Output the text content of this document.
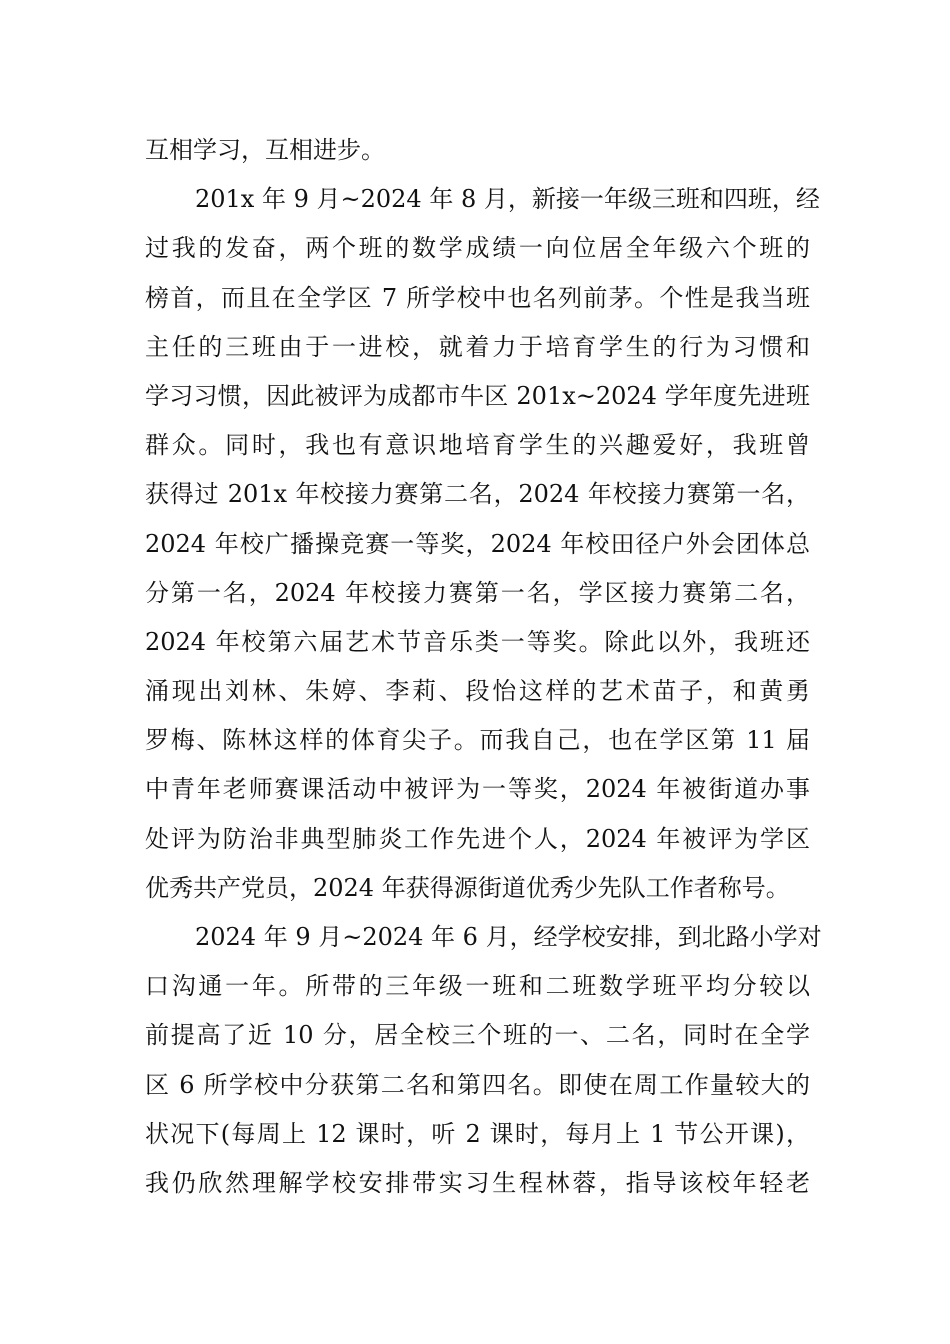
互相学习，互相进步。
201x 年 9 月~2024 年 8 月，新接一年级三班和四班，经
过我的发奋，两个班的数学成绩一向位居全年级六个班的
榜首，而且在全学区 7 所学校中也名列前茅。个性是我当班
主任的三班由于一进校，就着力于培育学生的行为习惯和
学习习惯，因此被评为成都市牛区 201x~2024 学年度先进班
群众。同时，我也有意识地培育学生的兴趣爱好，我班曾
获得过 201x 年校接力赛第二名，2024 年校接力赛第一名，
2024 年校广播操竞赛一等奖，2024 年校田径户外会团体总
分第一名，2024 年校接力赛第一名，学区接力赛第二名，
2024 年校第六届艺术节音乐类一等奖。除此以外，我班还
涌现出刘林、朱婷、李莉、段怡这样的艺术苗子，和黄勇
罗梅、陈林这样的体育尖子。而我自己，也在学区第 11 届
中青年老师赛课活动中被评为一等奖，2024 年被街道办事
处评为防治非典型肺炎工作先进个人，2024 年被评为学区
优秀共产党员，2024 年获得源街道优秀少先队工作者称号。
2024 年 9 月~2024 年 6 月，经学校安排，到北路小学对
口沟通一年。所带的三年级一班和二班数学班平均分较以
前提高了近 10 分，居全校三个班的一、二名，同时在全学
区 6 所学校中分获第二名和第四名。即使在周工作量较大的
状况下(每周上 12 课时，听 2 课时，每月上 1 节公开课)，
我仍欣然理解学校安排带实习生程林蓉，指导该校年轻老
